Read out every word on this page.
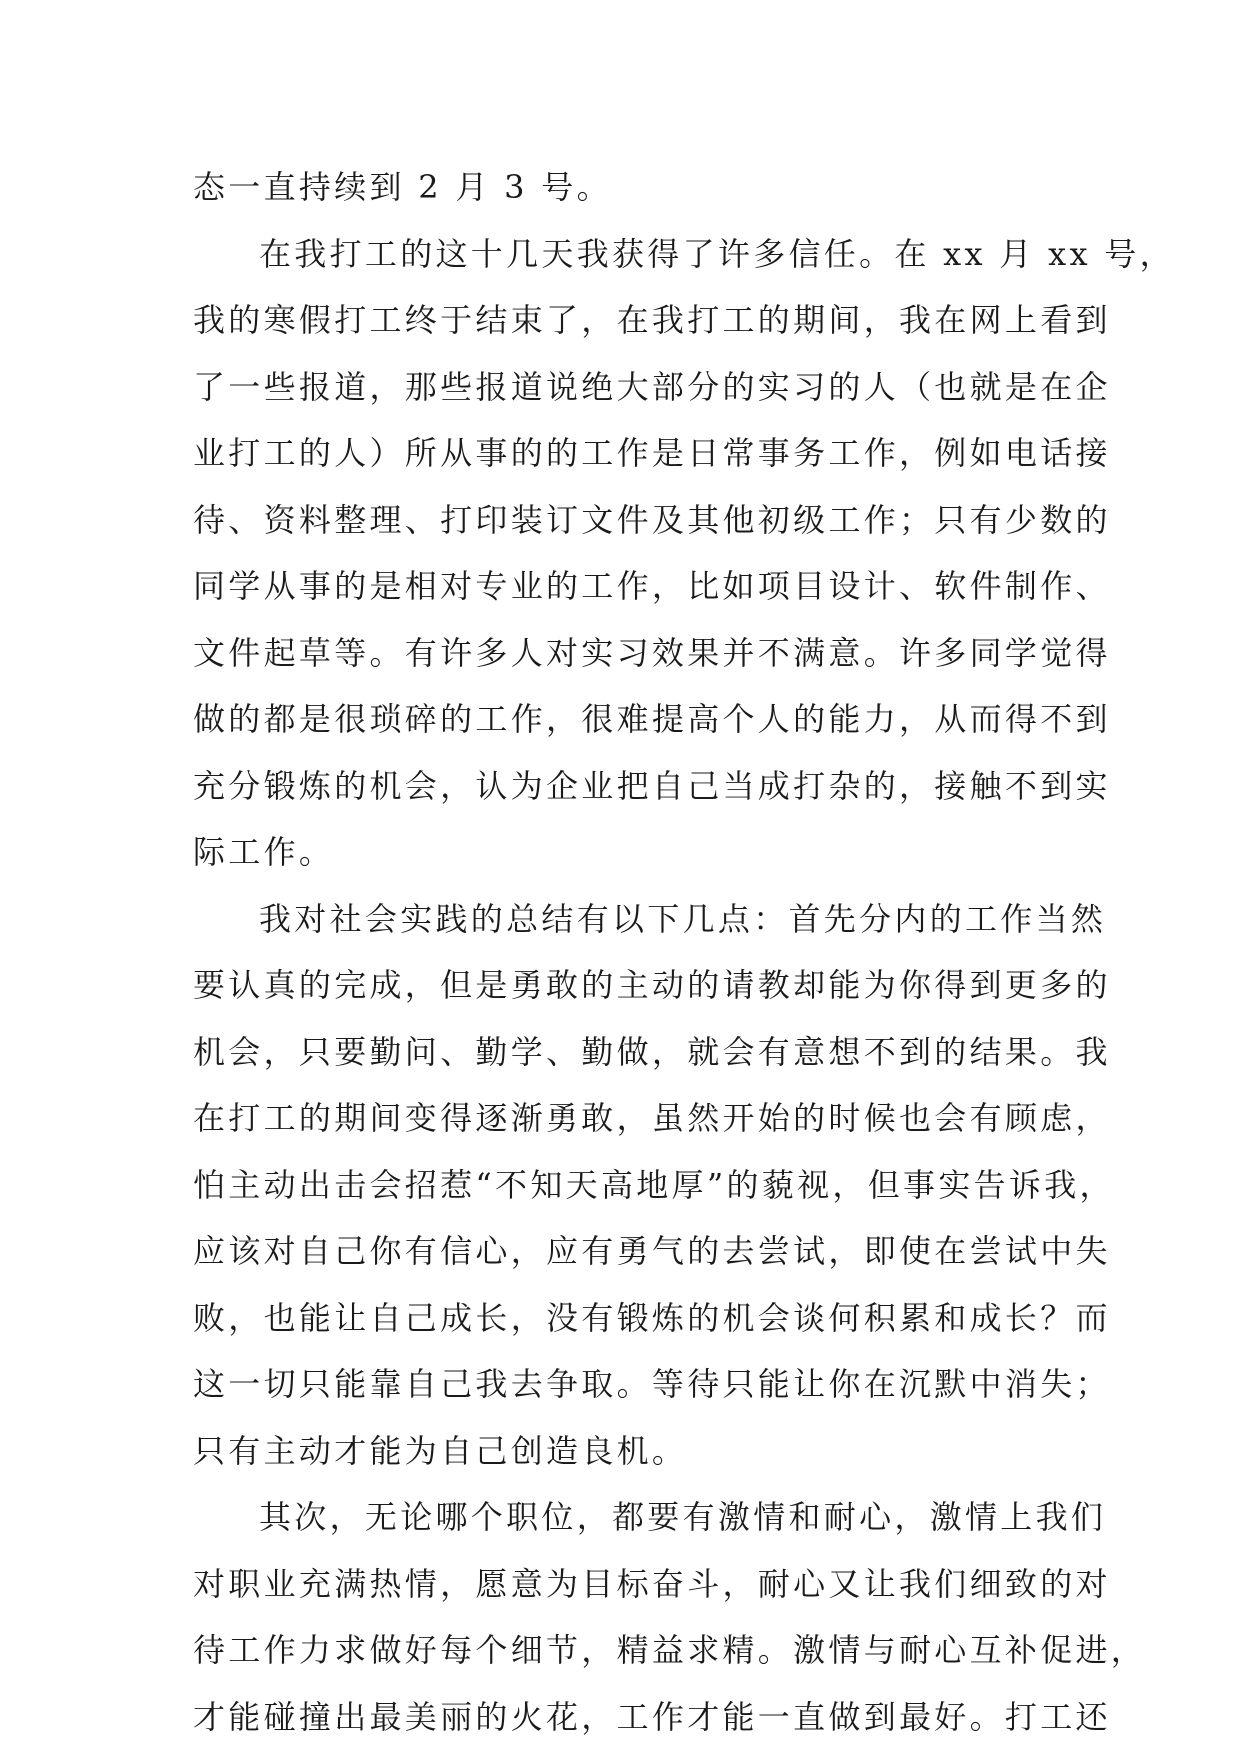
态一直持续到 2 月 3 号。
在我打工的这十几天我获得了许多信任。在 xx 月 xx 号，
我的寒假打工终于结束了，在我打工的期间，我在网上看到
了一些报道，那些报道说绝大部分的实习的人（也就是在企
业打工的人）所从事的的工作是日常事务工作，例如电话接
待、资料整理、打印装订文件及其他初级工作；只有少数的
同学从事的是相对专业的工作，比如项目设计、软件制作、
文件起草等。有许多人对实习效果并不满意。许多同学觉得
做的都是很琐碎的工作，很难提高个人的能力，从而得不到
充分锻炼的机会，认为企业把自己当成打杂的，接触不到实
际工作。
我对社会实践的总结有以下几点：首先分内的工作当然
要认真的完成，但是勇敢的主动的请教却能为你得到更多的
机会，只要勤问、勤学、勤做，就会有意想不到的结果。我
在打工的期间变得逐渐勇敢，虽然开始的时候也会有顾虑，
怕主动出击会招惹“不知天高地厚”的藐视，但事实告诉我，
应该对自己你有信心，应有勇气的去尝试，即使在尝试中失
败，也能让自己成长，没有锻炼的机会谈何积累和成长？而
这一切只能靠自己我去争取。等待只能让你在沉默中消失；
只有主动才能为自己创造良机。
其次，无论哪个职位，都要有激情和耐心，激情上我们
对职业充满热情，愿意为目标奋斗，耐心又让我们细致的对
待工作力求做好每个细节，精益求精。激情与耐心互补促进，
才能碰撞出最美丽的火花，工作才能一直做到最好。打工还
